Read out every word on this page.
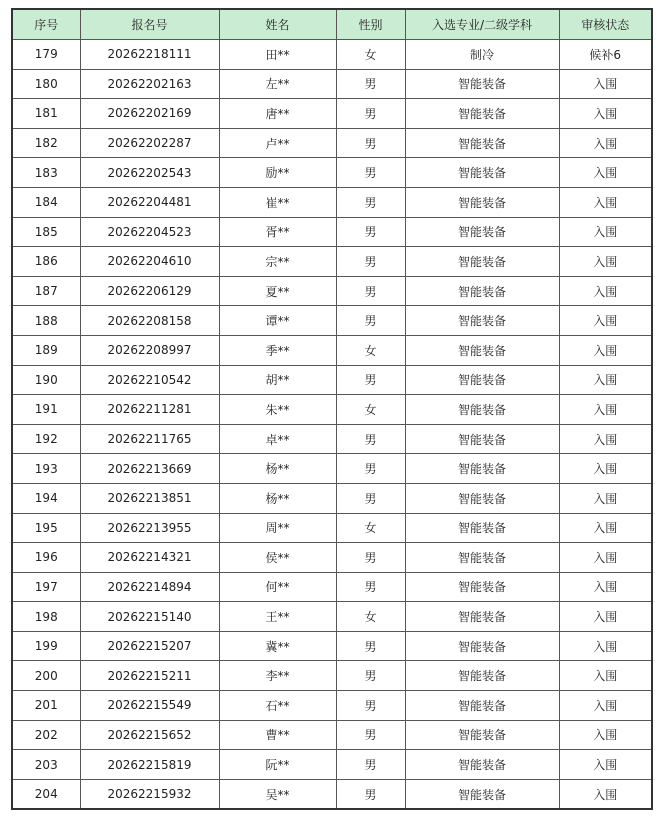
序号	报名号	姓名	性别	入选专业/二级学科	审核状态
179	20262218111	田**	女	制冷	候补6
180	20262202163	左**	男	智能装备	入围
181	20262202169	唐**	男	智能装备	入围
182	20262202287	卢**	男	智能装备	入围
183	20262202543	励**	男	智能装备	入围
184	20262204481	崔**	男	智能装备	入围
185	20262204523	胥**	男	智能装备	入围
186	20262204610	宗**	男	智能装备	入围
187	20262206129	夏**	男	智能装备	入围
188	20262208158	谭**	男	智能装备	入围
189	20262208997	季**	女	智能装备	入围
190	20262210542	胡**	男	智能装备	入围
191	20262211281	朱**	女	智能装备	入围
192	20262211765	卓**	男	智能装备	入围
193	20262213669	杨**	男	智能装备	入围
194	20262213851	杨**	男	智能装备	入围
195	20262213955	周**	女	智能装备	入围
196	20262214321	侯**	男	智能装备	入围
197	20262214894	何**	男	智能装备	入围
198	20262215140	王**	女	智能装备	入围
199	20262215207	冀**	男	智能装备	入围
200	20262215211	李**	男	智能装备	入围
201	20262215549	石**	男	智能装备	入围
202	20262215652	曹**	男	智能装备	入围
203	20262215819	阮**	男	智能装备	入围
204	20262215932	吴**	男	智能装备	入围
